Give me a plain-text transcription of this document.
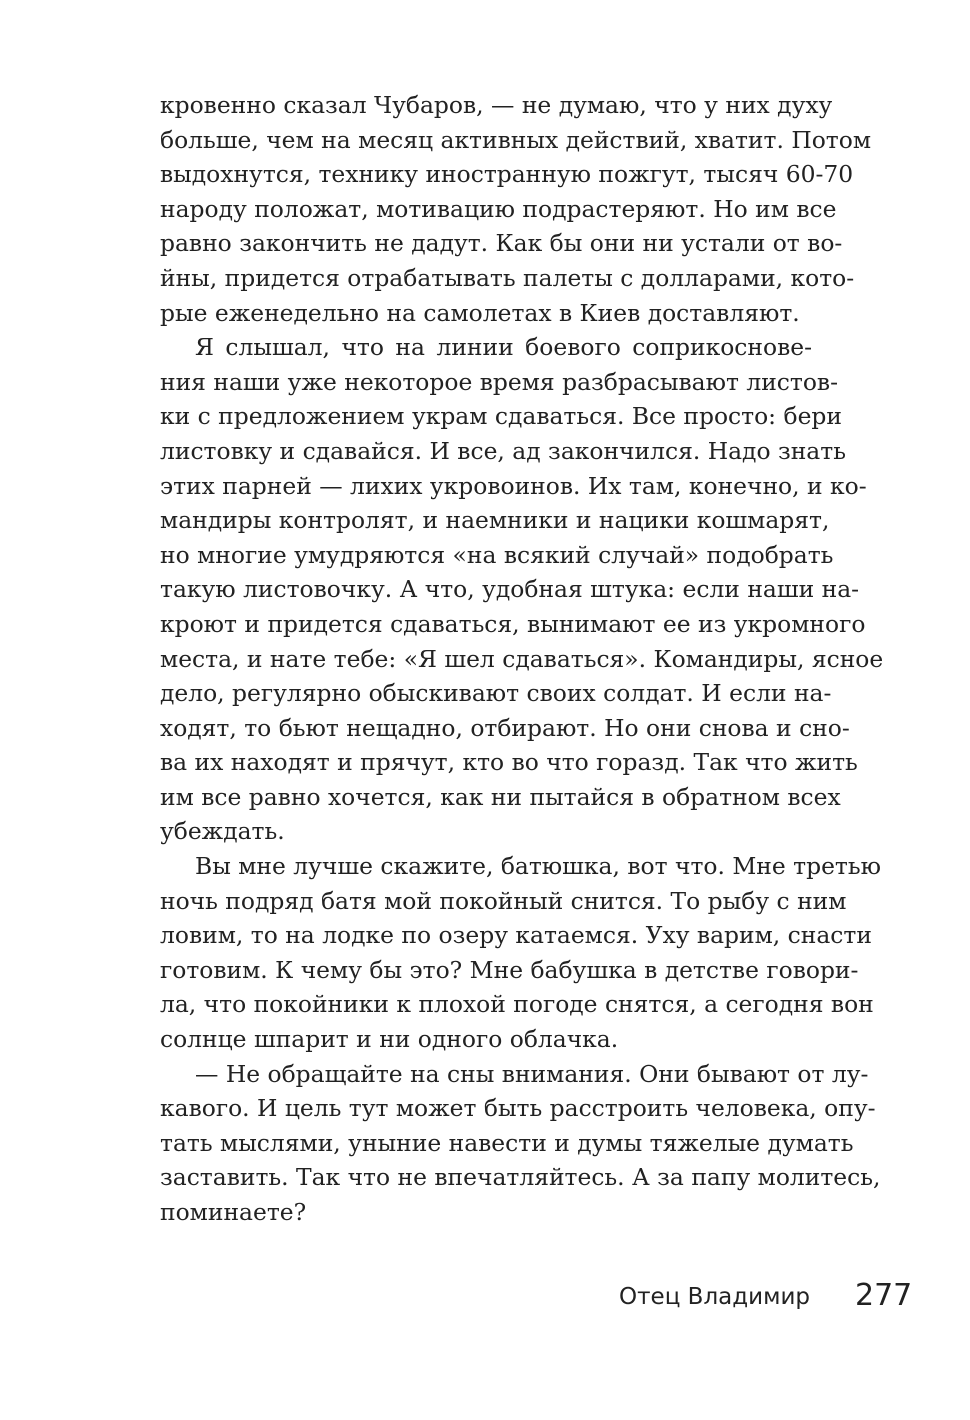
кровенно сказал Чубаров, — не думаю, что у них духу
больше, чем на месяц активных действий, хватит. Потом
выдохнутся, технику иностранную пожгут, тысяч 60-70
народу положат, мотивацию подрастеряют. Но им все
равно закончить не дадут. Как бы они ни устали от во-
йны, придется отрабатывать палеты с долларами, кото-
рые еженедельно на самолетах в Киев доставляют.
Я слышал, что на линии боевого соприкосновe-
ния наши уже некоторое время разбрасывают листов-
ки с предложением украм сдаваться. Все просто: бери
листовку и сдавайся. И все, ад закончился. Надо знать
этих парней — лихих укровоинов. Их там, конечно, и ко-
мандиры контролят, и наемники и нацики кошмарят,
но многие умудряются «на всякий случай» подобрать
такую листовочку. А что, удобная штука: если наши на-
кроют и придется сдаваться, вынимают ее из укромного
места, и нате тебе: «Я шел сдаваться». Командиры, ясное
дело, регулярно обыскивают своих солдат. И если на-
ходят, то бьют нещадно, отбирают. Но они снова и сно-
ва их находят и прячут, кто во что горазд. Так что жить
им все равно хочется, как ни пытайся в обратном всех
убеждать.
Вы мне лучше скажите, батюшка, вот что. Мне третью
ночь подряд батя мой покойный снится. То рыбу с ним
ловим, то на лодке по озеру катаемся. Уху варим, снасти
готовим. К чему бы это? Мне бабушка в детстве говори-
ла, что покойники к плохой погоде снятся, а сегодня вон
солнце шпарит и ни одного облачка.
— Не обращайте на сны внимания. Они бывают от лу-
кавого. И цель тут может быть расстроить человека, опу-
тать мыслями, уныние навести и думы тяжелые думать
заставить. Так что не впечатляйтесь. А за папу молитесь,
поминаете?
Отец Владимир 277
